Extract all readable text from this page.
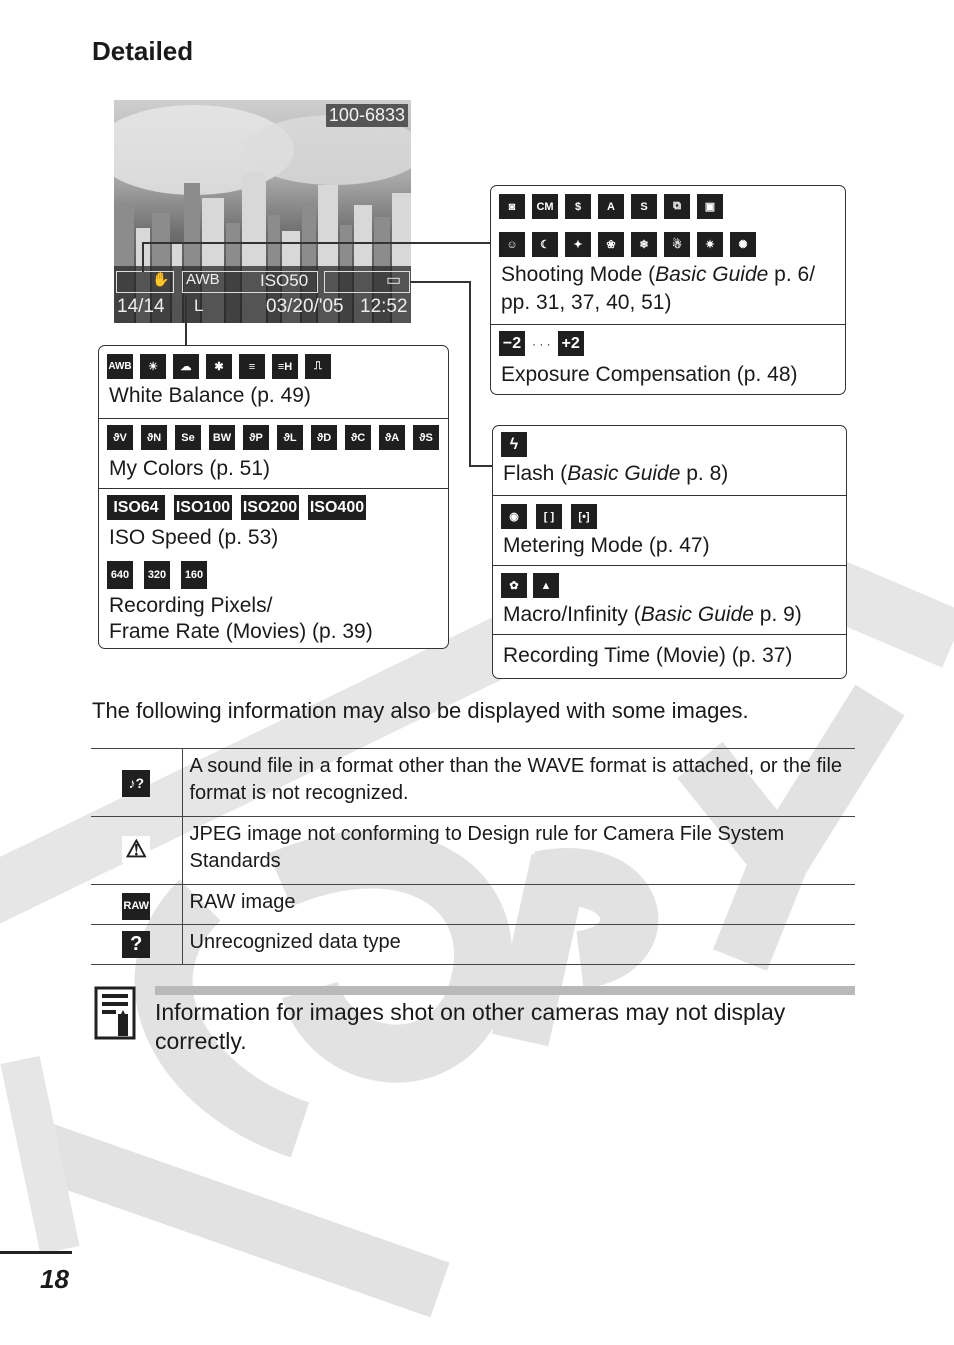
Detailed
100-6833
✋ AWB ISO50	▭
14/14 L	03/20/'05 12:52
◙	CM	$	A	S	⧉	▣
☺	☾	✦	❀	❄	☃	✷	✺
Shooting Mode (Basic Guide p. 6/
pp. 31, 37, 40, 51)
−2 · · · +2
Exposure Compensation (p. 48)
AWB	☀	☁	✱	≡	≡H	⎍
White Balance (p. 49)
ϑV	ϑN	Se	BW	ϑP	ϑL	ϑD	ϑC	ϑA	ϑS
My Colors (p. 51)
ISO64	ISO100 ISO200 ISO400
ISO Speed (p. 53)
640	320	160
Recording Pixels/
Frame Rate (Movies) (p. 39)
ϟ
Flash (Basic Guide p. 8)
◉	[ ]	[•]
Metering Mode (p. 47)
✿	▲
Macro/Infinity (Basic Guide p. 9)
Recording Time (Movie) (p. 37)
The following information may also be displayed with some images.
♪?	A sound file in a format other than the WAVE format is attached, or the file format is not recognized.
⚠	JPEG image not conforming to Design rule for Camera File System Standards
RAW	RAW image
?	Unrecognized data type
Information for images shot on other cameras may not display correctly.
18
